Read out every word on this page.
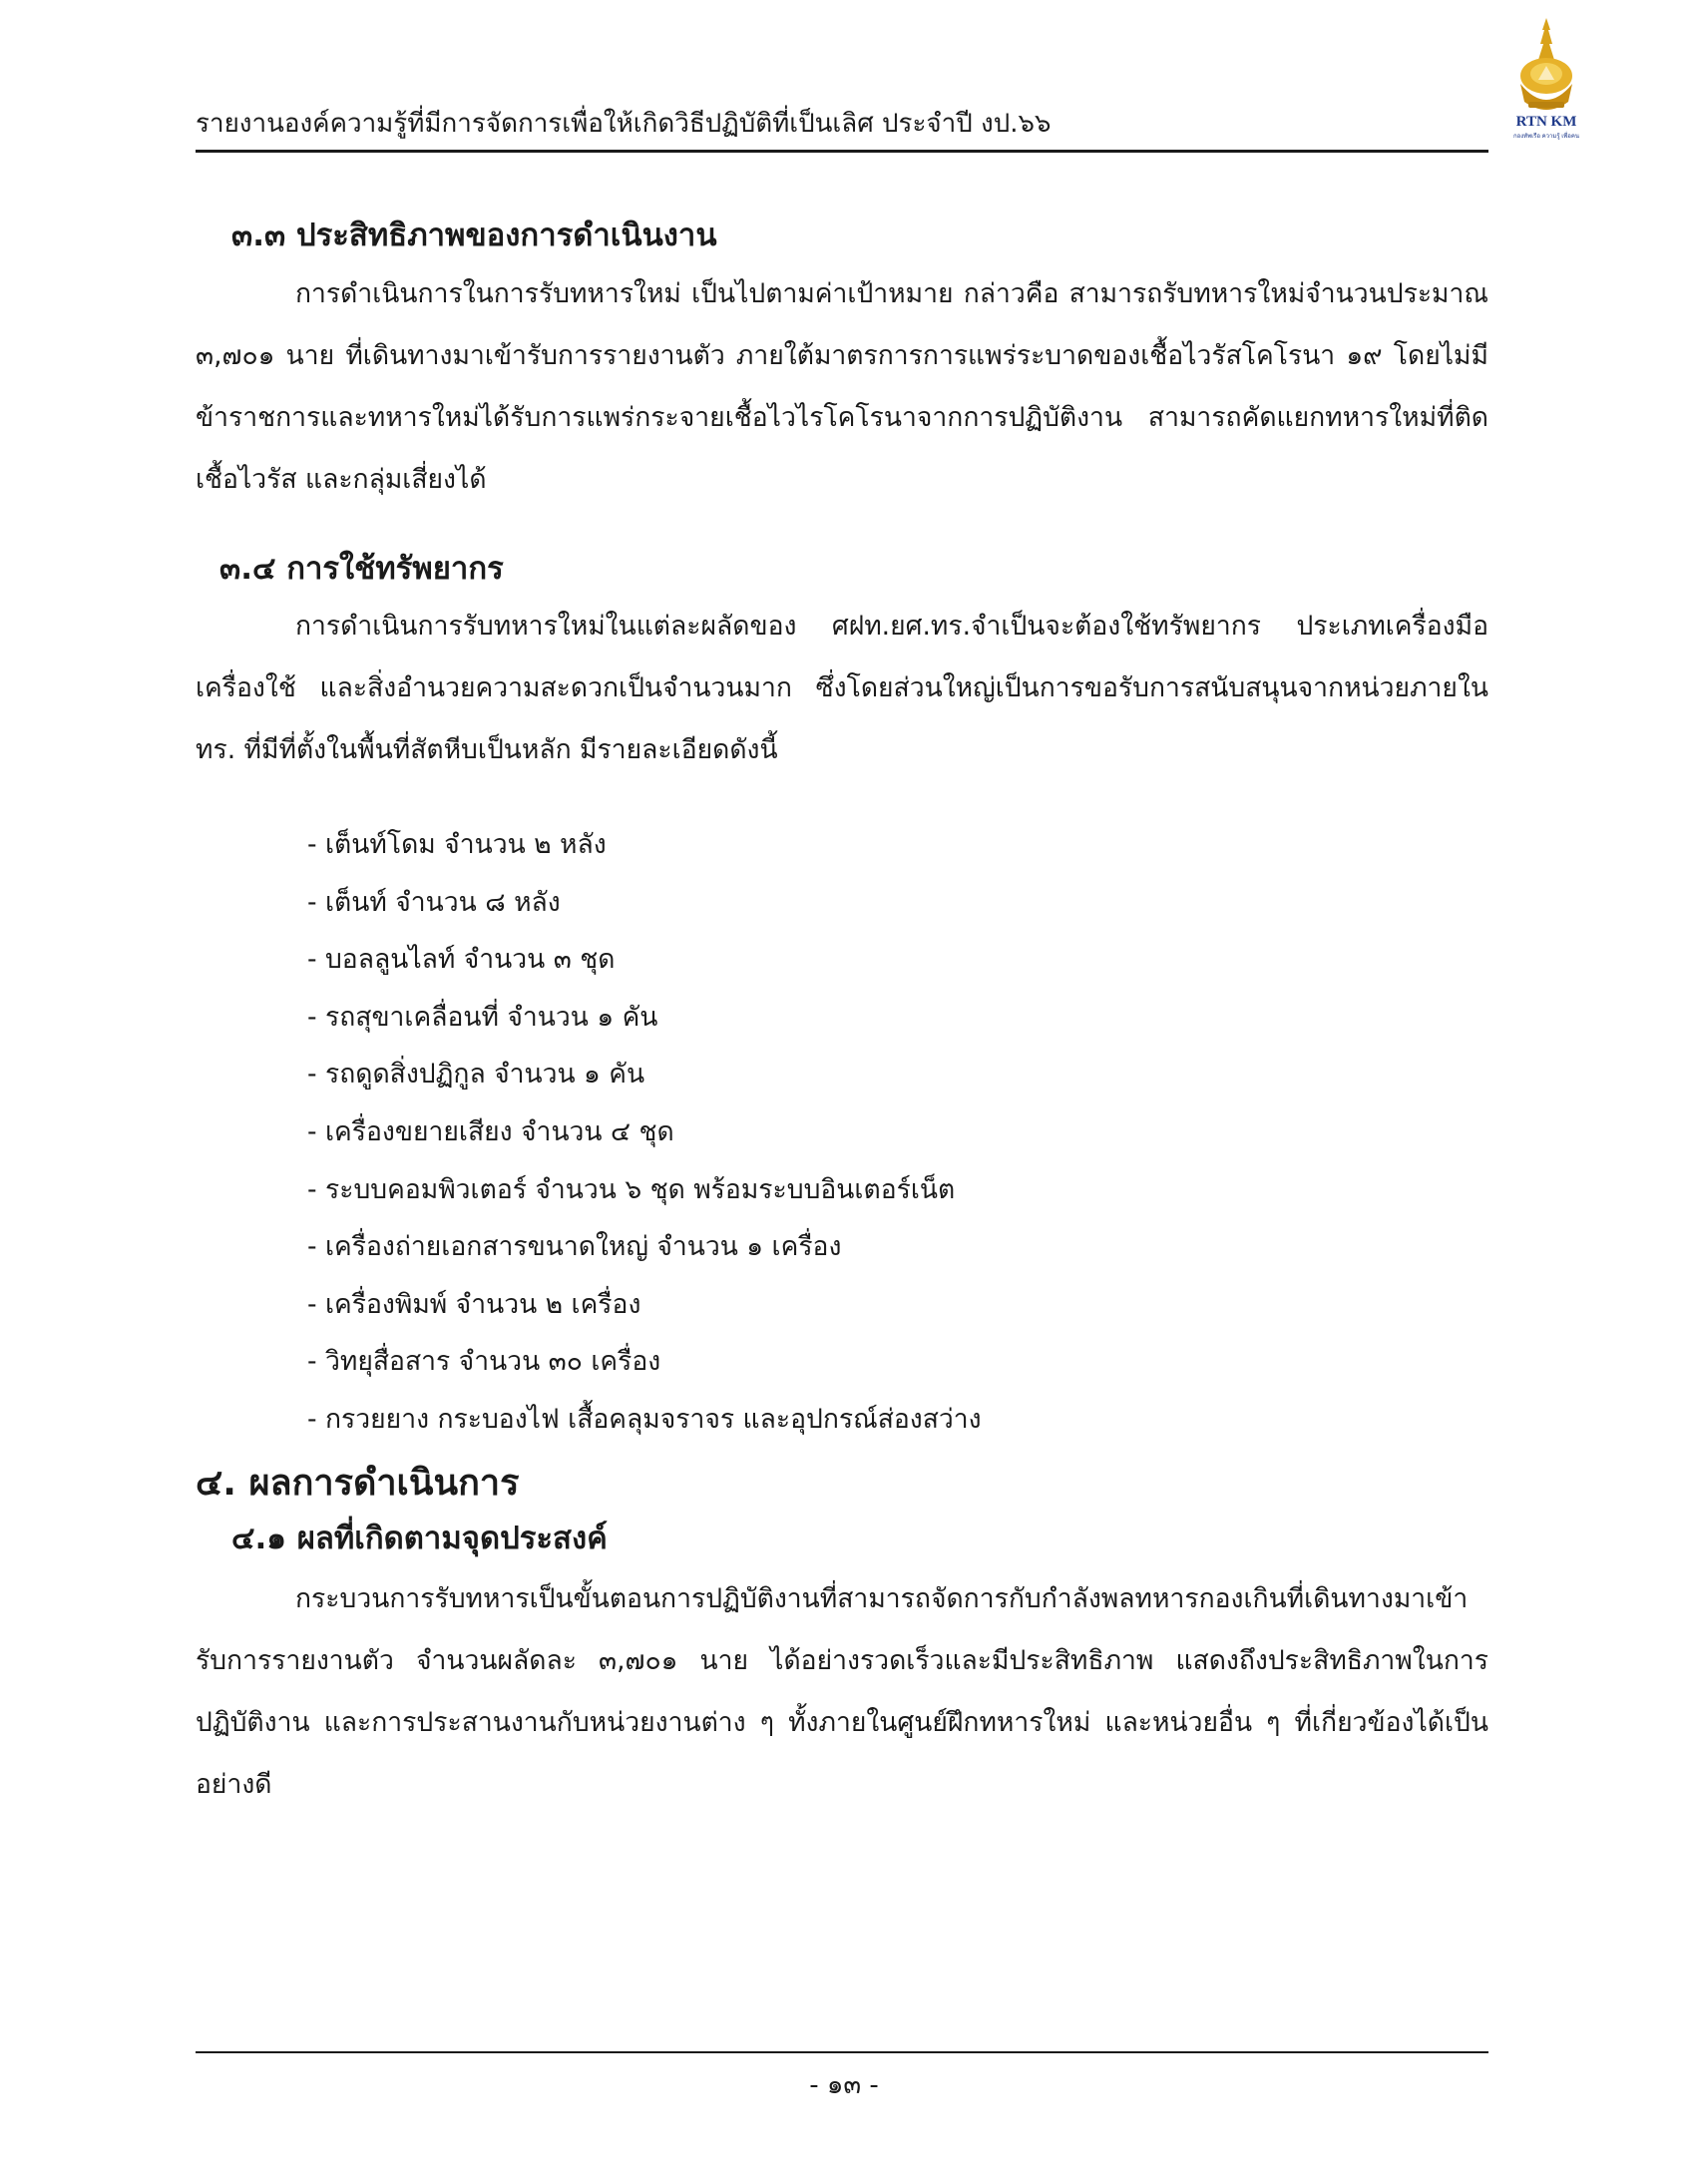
รายงานองค์ความรู้ที่มีการจัดการเพื่อให้เกิดวิธีปฏิบัติที่เป็นเลิศ ประจำปี งป.๖๖	RTN KM
กองทัพเรือ ความรู้ เพื่อคน
๓.๓ ประสิทธิภาพของการดำเนินงาน

การดำเนินการในการรับทหารใหม่ เป็นไปตามค่าเป้าหมาย กล่าวคือ สามารถรับทหารใหม่จำนวนประมาณ ๓,๗๐๑ นาย ที่เดินทางมาเข้ารับการรายงานตัว ภายใต้มาตรการการแพร่ระบาดของเชื้อไวรัสโคโรนา ๑๙ โดยไม่มีข้าราชการและทหารใหม่ได้รับการแพร่กระจายเชื้อไวไรโคโรนาจากการปฏิบัติงาน สามารถคัดแยกทหารใหม่ที่ติดเชื้อไวรัส และกลุ่มเสี่ยงได้

๓.๔ การใช้ทรัพยากร

การดำเนินการรับทหารใหม่ในแต่ละผลัดของ ศฝท.ยศ.ทร.จำเป็นจะต้องใช้ทรัพยากร ประเภทเครื่องมือเครื่องใช้ และสิ่งอำนวยความสะดวกเป็นจำนวนมาก ซึ่งโดยส่วนใหญ่เป็นการขอรับการสนับสนุนจากหน่วยภายในทร. ที่มีที่ตั้งในพื้นที่สัตหีบเป็นหลัก มีรายละเอียดดังนี้

- เต็นท์โดม จำนวน ๒ หลัง
- เต็นท์ จำนวน ๘ หลัง
- บอลลูนไลท์ จำนวน ๓ ชุด
- รถสุขาเคลื่อนที่ จำนวน ๑ คัน
- รถดูดสิ่งปฏิกูล จำนวน ๑ คัน
- เครื่องขยายเสียง จำนวน ๔ ชุด
- ระบบคอมพิวเตอร์ จำนวน ๖ ชุด พร้อมระบบอินเตอร์เน็ต
- เครื่องถ่ายเอกสารขนาดใหญ่ จำนวน ๑ เครื่อง
- เครื่องพิมพ์ จำนวน ๒ เครื่อง
- วิทยุสื่อสาร จำนวน ๓๐ เครื่อง
- กรวยยาง กระบองไฟ เสื้อคลุมจราจร และอุปกรณ์ส่องสว่าง
๔. ผลการดำเนินการ
๔.๑ ผลที่เกิดตามจุดประสงค์

กระบวนการรับทหารเป็นขั้นตอนการปฏิบัติงานที่สามารถจัดการกับกำลังพลทหารกองเกินที่เดินทางมาเข้ารับการรายงานตัว จำนวนผลัดละ ๓,๗๐๑ นาย ได้อย่างรวดเร็วและมีประสิทธิภาพ แสดงถึงประสิทธิภาพในการปฏิบัติงาน และการประสานงานกับหน่วยงานต่าง ๆ ทั้งภายในศูนย์ฝึกทหารใหม่ และหน่วยอื่น ๆ ที่เกี่ยวข้องได้เป็นอย่างดี

- ๑๓ -
